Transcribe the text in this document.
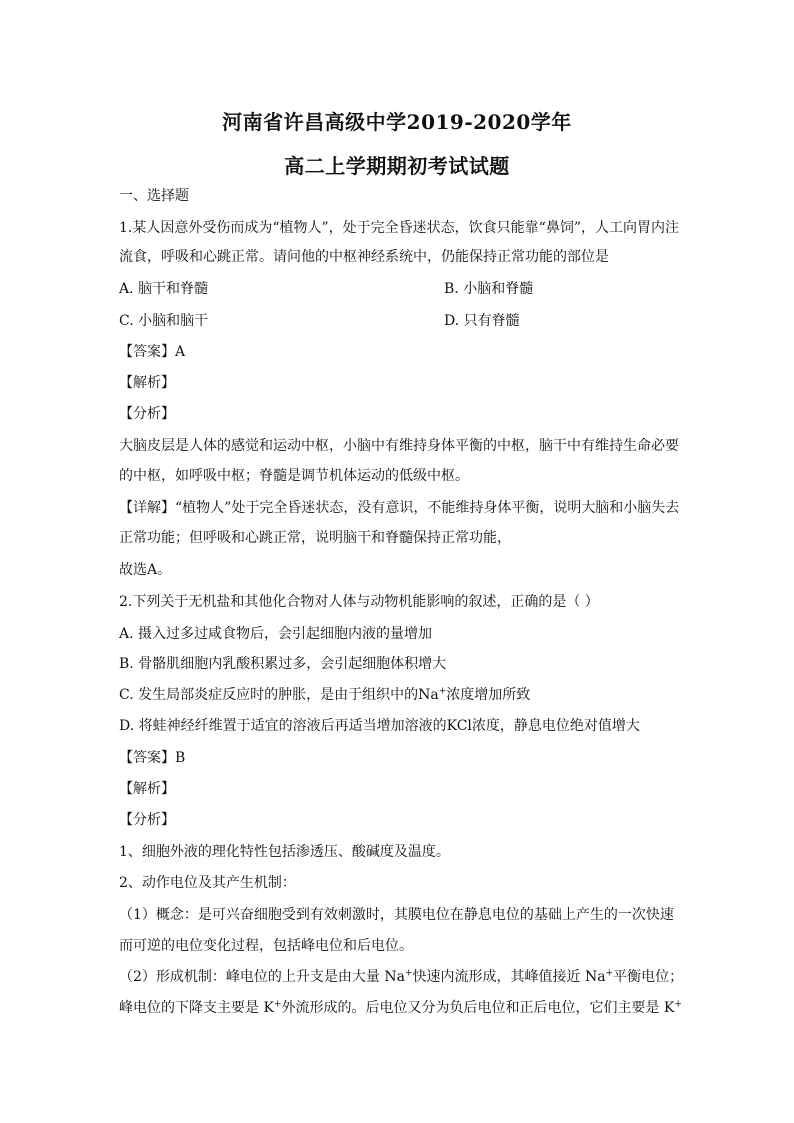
河南省许昌高级中学2019-2020学年
高二上学期期初考试试题
一、选择题
1.某人因意外受伤而成为“植物人”，处于完全昏迷状态，饮食只能靠“鼻饲”，人工向胃内注
流食，呼吸和心跳正常。请问他的中枢神经系统中，仍能保持正常功能的部位是
A. 脑干和脊髓	B. 小脑和脊髓
C. 小脑和脑干	D. 只有脊髓
【答案】A
【解析】
【分析】
大脑皮层是人体的感觉和运动中枢，小脑中有维持身体平衡的中枢，脑干中有维持生命必要
的中枢，如呼吸中枢；脊髓是调节机体运动的低级中枢。
【详解】“植物人”处于完全昏迷状态，没有意识，不能维持身体平衡，说明大脑和小脑失去
正常功能；但呼吸和心跳正常，说明脑干和脊髓保持正常功能，
故选A。
2.下列关于无机盐和其他化合物对人体与动物机能影响的叙述，正确的是（ ）
A. 摄入过多过咸食物后，会引起细胞内液的量增加
B. 骨骼肌细胞内乳酸积累过多，会引起细胞体积增大
C. 发生局部炎症反应时的肿胀，是由于组织中的Na+浓度增加所致
D. 将蛙神经纤维置于适宜的溶液后再适当增加溶液的KCl浓度，静息电位绝对值增大
【答案】B
【解析】
【分析】
1、细胞外液的理化特性包括渗透压、酸碱度及温度。
2、动作电位及其产生机制：
（1）概念：是可兴奋细胞受到有效刺激时，其膜电位在静息电位的基础上产生的一次快速
而可逆的电位变化过程，包括峰电位和后电位。
（2）形成机制：峰电位的上升支是由大量 Na+快速内流形成，其峰值接近 Na+平衡电位；
峰电位的下降支主要是 K+外流形成的。后电位又分为负后电位和正后电位，它们主要是 K+
